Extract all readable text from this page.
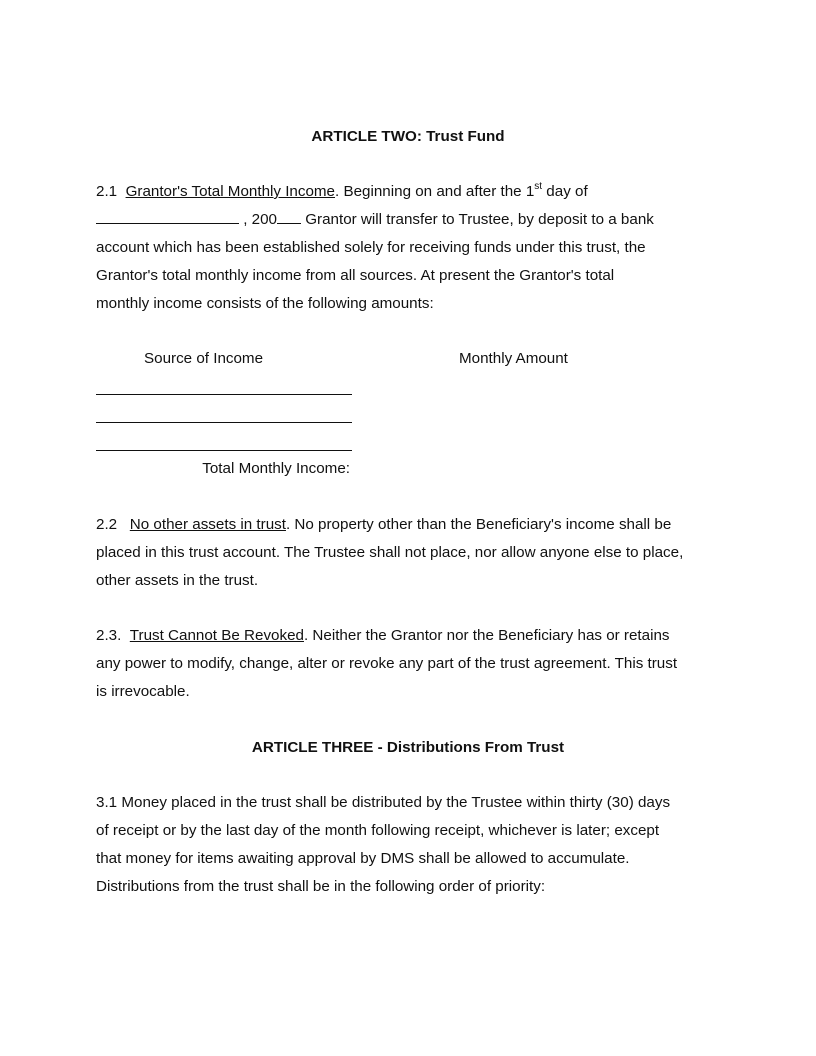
ARTICLE TWO: Trust Fund
2.1 Grantor's Total Monthly Income. Beginning on and after the 1st day of
, 200 Grantor will transfer to Trustee, by deposit to a bank
account which has been established solely for receiving funds under this trust, the
Grantor's total monthly income from all sources. At present the Grantor's total
monthly income consists of the following amounts:
Source of Income	Monthly Amount
Total Monthly Income:
2.2 No other assets in trust. No property other than the Beneficiary's income shall be
placed in this trust account. The Trustee shall not place, nor allow anyone else to place,
other assets in the trust.
2.3. Trust Cannot Be Revoked. Neither the Grantor nor the Beneficiary has or retains
any power to modify, change, alter or revoke any part of the trust agreement. This trust
is irrevocable.
ARTICLE THREE - Distributions From Trust
3.1 Money placed in the trust shall be distributed by the Trustee within thirty (30) days
of receipt or by the last day of the month following receipt, whichever is later; except
that money for items awaiting approval by DMS shall be allowed to accumulate.
Distributions from the trust shall be in the following order of priority:
